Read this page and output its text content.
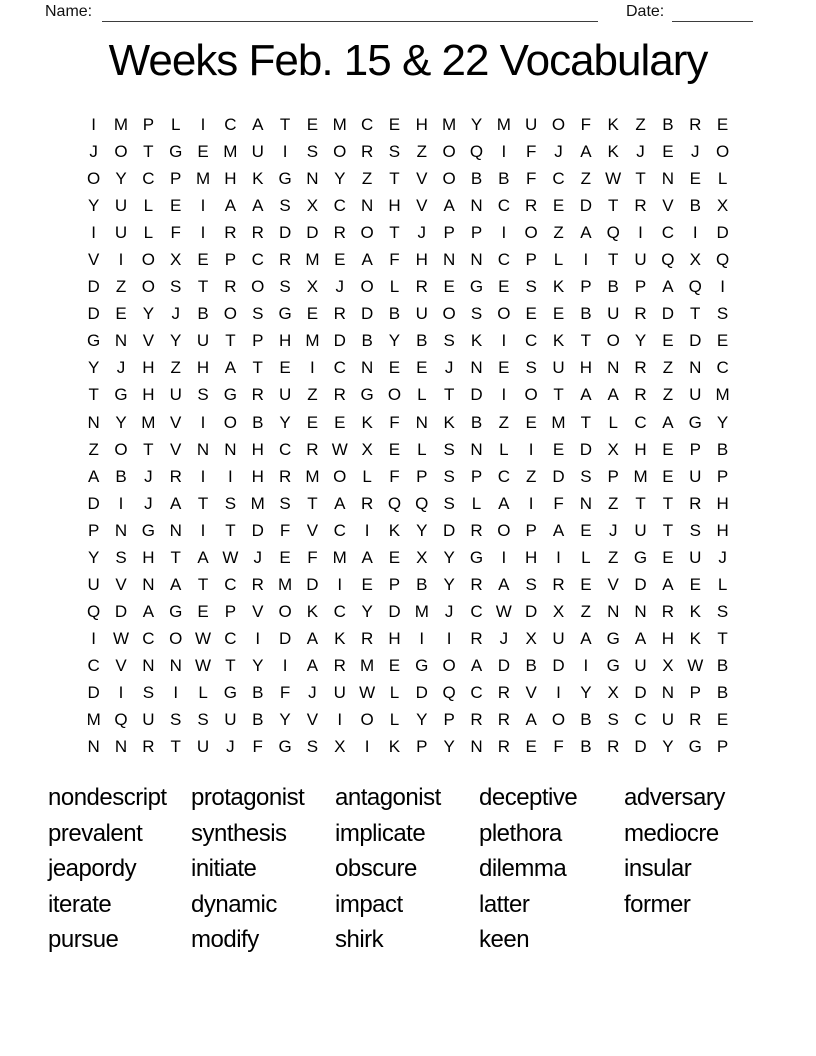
Name:	Date:
Weeks Feb. 15 & 22 Vocabulary
I	M P L	I	C A T E M C E H M Y M U O F K Z B R E
J O T G E M U	I	S O R S Z O Q	I	F	J	A K	J	E	J O
O Y C P M H K G N Y Z T V O B B F C Z W T N E L
Y U L E	I	A A S X C N H V A N C R E D T R V B X
I	U L	F	I	R R D D R O T	J	P P	I	O Z A Q	I	C	I	D
V	I	O X E P C R M E A F H N N C P L	I	T U Q X Q
D Z O S T R O S X	J O L R E G E S K P B P A Q	I
D E Y	J	B O S G E R D B U O S O E E B U R D T S
G N V Y U T P H M D B Y B S K	I	C K T O Y E D E
Y	J H Z H A T E	I	C N E E	J N E S U H N R Z N C
T G H U S G R U Z R G O L	T D	I	O T A A R Z U M
N Y M V	I	O B Y E E K F N K B Z E M T	L C A G Y
Z O T V N N H C R W X E L S N L	I	E D X H E P B
A B	J R	I	I	H R M O L	F P S P C Z D S P M E U P
D	I	J	A T S M S T A R Q Q S L A	I	F N Z T T R H
P N G N	I	T D F V C	I	K Y D R O P A E	J U T S H
Y S H T A W J	E F M A E X Y G	I	H	I	L	Z G E U J
U V N A T C R M D	I	E P B Y R A S R E V D A E L
Q D A G E P V O K C Y D M J C W D X Z N N R K S
I W C O W C	I	D A K R H	I	I	R J	X U A G A H K T
C V N N W T Y	I	A R M E G O A D B D	I	G U X W B
D	I	S	I	L G B F	J U W L D Q C R V	I	Y X D N P B
M Q U S S U B Y V	I	O L Y P R R A O B S C U R E
N N R T U J	F G S X	I	K P Y N R E F B R D Y G P
nondescript
prevalent
jeapordy
iterate
pursue
protagonist
synthesis
initiate
dynamic
modify
antagonist
implicate
obscure
impact
shirk
deceptive
plethora
dilemma
latter
keen
adversary
mediocre
insular
former
